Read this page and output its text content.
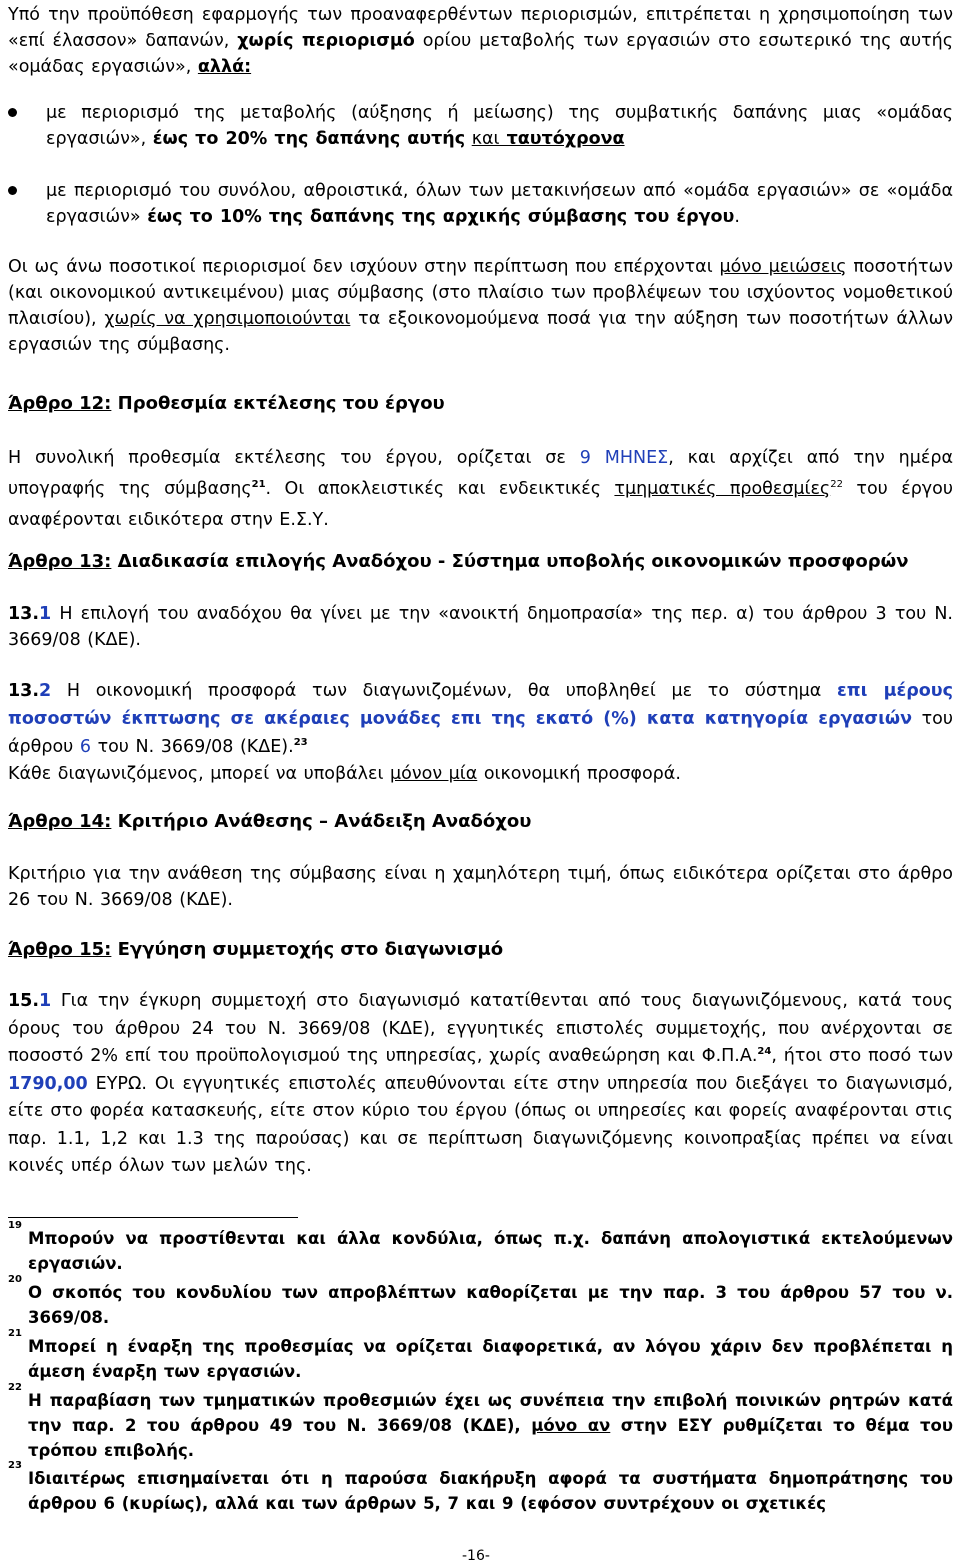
Υπό την προϋπόθεση εφαρμογής των προαναφερθέντων περιορισμών, επιτρέπεται η χρησιμοποίηση των «επί έλασσον» δαπανών, χωρίς περιορισμό ορίου μεταβολής των εργασιών στο εσωτερικό της αυτής «ομάδας εργασιών», αλλά:

με περιορισμό της μεταβολής (αύξησης ή μείωσης) της συμβατικής δαπάνης μιας «ομάδας εργασιών», έως το 20% της δαπάνης αυτής και ταυτόχρονα

με περιορισμό του συνόλου, αθροιστικά, όλων των μετακινήσεων από «ομάδα εργασιών» σε «ομάδα εργασιών» έως το 10% της δαπάνης της αρχικής σύμβασης του έργου.

Οι ως άνω ποσοτικοί περιορισμοί δεν ισχύουν στην περίπτωση που επέρχονται μόνο μειώσεις ποσοτήτων (και οικονομικού αντικειμένου) μιας σύμβασης (στο πλαίσιο των προβλέψεων του ισχύοντος νομοθετικού πλαισίου), χωρίς να χρησιμοποιούνται τα εξοικονομούμενα ποσά για την αύξηση των ποσοτήτων άλλων εργασιών της σύμβασης.

Άρθρο 12: Προθεσμία εκτέλεσης του έργου

Η συνολική προθεσμία εκτέλεσης του έργου, ορίζεται σε 9 ΜΗΝΕΣ, και αρχίζει από την ημέρα υπογραφής της σύμβασης$^{21}$. Οι αποκλειστικές και ενδεικτικές τμηματικές προθεσμίες$^{22}$ του έργου αναφέρονται ειδικότερα στην Ε.Σ.Υ.

Άρθρο 13: Διαδικασία επιλογής Αναδόχου - Σύστημα υποβολής οικονομικών προσφορών

13.1 Η επιλογή του αναδόχου θα γίνει με την «ανοικτή δημοπρασία» της περ. α) του άρθρου 3 του Ν. 3669/08 (ΚΔΕ).

13.2 Η οικονομική προσφορά των διαγωνιζομένων, θα υποβληθεί με το σύστημα επι μέρους ποσοστών έκπτωσης σε ακέραιες μονάδες επι της εκατό (%) κατα κατηγορία εργασιών του άρθρου 6 του Ν. 3669/08 (ΚΔΕ).$^{23}$

Κάθε διαγωνιζόμενος, μπορεί να υποβάλει μόνον μία οικονομική προσφορά.

Άρθρο 14: Κριτήριο Ανάθεσης – Ανάδειξη Αναδόχου

Κριτήριο για την ανάθεση της σύμβασης είναι η χαμηλότερη τιμή, όπως ειδικότερα ορίζεται στο άρθρο 26 του Ν. 3669/08 (ΚΔΕ).

Άρθρο 15: Εγγύηση συμμετοχής στο διαγωνισμό

15.1 Για την έγκυρη συμμετοχή στο διαγωνισμό κατατίθενται από τους διαγωνιζόμενους, κατά τους όρους του άρθρου 24 του Ν. 3669/08 (ΚΔΕ), εγγυητικές επιστολές συμμετοχής, που ανέρχονται σε ποσοστό 2% επί του προϋπολογισμού της υπηρεσίας, χωρίς αναθεώρηση και Φ.Π.Α.$^{24}$, ήτοι στο ποσό των 1790,00 ΕΥΡΩ. Οι εγγυητικές επιστολές απευθύνονται είτε στην υπηρεσία που διεξάγει το διαγωνισμό, είτε στο φορέα κατασκευής, είτε στον κύριο του έργου (όπως οι υπηρεσίες και φορείς αναφέρονται στις παρ. 1.1, 1,2 και 1.3 της παρούσας) και σε περίπτωση διαγωνιζόμενης κοινοπραξίας πρέπει να είναι κοινές υπέρ όλων των μελών της.

19

Μπορούν να προστίθενται και άλλα κονδύλια, όπως π.χ. δαπάνη απολογιστικά εκτελούμενων εργασιών.

20

Ο σκοπός του κονδυλίου των απροβλέπτων καθορίζεται με την παρ. 3 του άρθρου 57 του ν. 3669/08.

21

Μπορεί η έναρξη της προθεσμίας να ορίζεται διαφορετικά, αν λόγου χάριν δεν προβλέπεται η άμεση έναρξη των εργασιών.

22

Η παραβίαση των τμηματικών προθεσμιών έχει ως συνέπεια την επιβολή ποινικών ρητρών κατά την παρ. 2 του άρθρου 49 του Ν. 3669/08 (ΚΔΕ), μόνο αν στην ΕΣΥ ρυθμίζεται το θέμα του τρόπου επιβολής.

23

Ιδιαιτέρως επισημαίνεται ότι η παρούσα διακήρυξη αφορά τα συστήματα δημοπράτησης του άρθρου 6 (κυρίως), αλλά και των άρθρων 5, 7 και 9 (εφόσον συντρέχουν οι σχετικές

-16-
